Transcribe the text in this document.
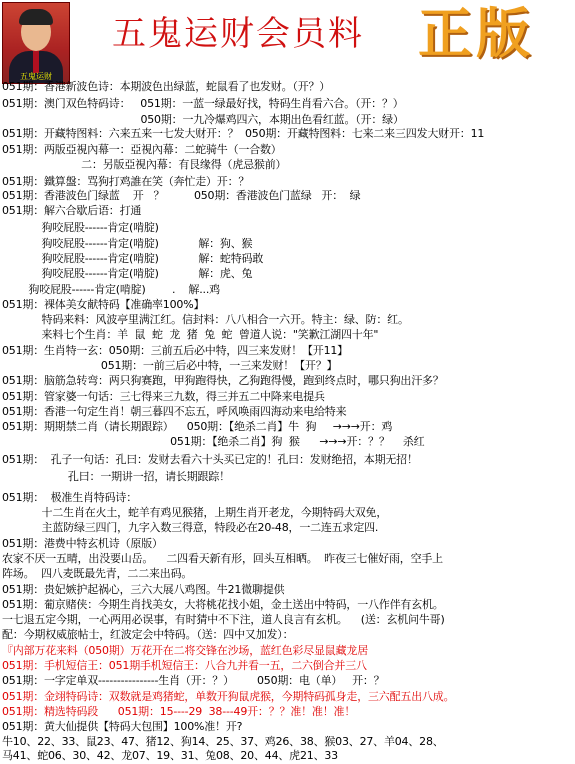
五鬼运财
五鬼运财会员料 正版
051期：香港新波色诗：本期波色出绿蓝，蛇鼠看了也发财。（开？）
051期：澳门双色特码诗：   051期：一蓝一绿最好找，特码生肖看六合。（开：？）
050期：一九冷爆鸡四六，本期出色看红蓝。（开：绿）
051期：开藏特图料：六来五来一七发大财开：？  050期：开藏特图料：七来二来三四发大财开：11
051期：两版亞視內幕一：亞視內幕：二蛇骑牛（一合数）
二：另版亞視內幕：有艮缘得（虎忌猴前）
051期：鐵算盤：骂狗打鸡誰在笑（奔忙走）开：？
051期：香港波色门绿蓝    开   ？         050期：香港波色门蓝绿   开：  绿
051期：解六合歇后语：打通
狗咬屁股------肯定(啃腚)
狗咬屁股------肯定(啃腚)            解：狗、猴
狗咬屁股------肯定(啃腚)            解：蛇特码敢
狗咬屁股------肯定(啃腚)            解：虎、兔
狗咬屁股------肯定(啃腚)        .    解...鸡
051期：裸体美女献特码【准确率100%】
特码来料：风波亭里满江红。信封料：八八相合一六开。特主：绿、防：红。
来料七个生肖：羊  鼠  蛇  龙  猪  兔  蛇  曾道人说："笑歉江湖四十年"
051期：生肖特一玄：050期：三前五后必中特，四三来发财！【开11】
051期：一前三后必中特，一三来发财！【开？】
051期：脑筋急转弯：两只狗赛跑，甲狗跑得快，乙狗跑得慢，跑到终点时，哪只狗出汗多？
051期：管家婆一句话：三七得来三九数，得三并五二中降来电提兵
051期：香港一句定生肖！朝三暮四不忘五，呼风唤雨四海动来电给特来
051期：期期禁二肖（请长期跟踪）    050期：【绝杀二肖】牛  狗     →→→开：鸡
051期：【绝杀二肖】狗  猴      →→→开：？？    杀红
051期：  孔子一句话：孔曰：发财去看六十头买已定的！孔曰：发财绝招，本期无招！
孔曰：一期讲一招，请长期跟踪！
051期：  极准生肖特码诗：
十二生肖在火土，蛇羊有鸡见猴猪，上期生肖开老龙，今期特码大双免，
主蓝防绿三四门，九字入数三得意，特段必在20-48，一二连五求定四.
051期：港费中特玄机诗（原版）
农家不厌一五晴，出没要山岳。    二四看天新有形，回头互相晒。  昨夜三七催好雨，空手上
阵场。  四八麦既最先青，二二来出码。
051期：贵妃嫉护起祸心，三六大展八鸡图。牛21微聊提供
051期：葡京赌侠：今期生肖找美女，大将桃花找小姐，金土送出中特码，一八作伴有玄机。
一七退五定今期，一心两用必误事，有时猜中不下注，道人良言有玄机。    (送：玄机问牛哥)
配：今期权威旅帖士，红波定会中特码。（送：四中又加发）：
『内部万花来料（050期）万花开在二将交锋在沙场，蓝红色彩尽显鼠藏龙居
051期：手机短信王：051期手机短信王：八合九并看一五，二六倒合并三八
051期：一字定单双----------------生肖（开：？）       050期：电（单）   开：？
051期：金翊特码诗：双数就是鸡猪蛇，单数开狗鼠虎猴，今期特码孤身走，三六配五出八成。
051期：精选特码段      051期：15----29  38---49开：？？准！准！准！
051期：黄大仙提供【特码大包围】100%准！开?
牛10、22、33、鼠23、47、猪12、狗14、25、37、鸡26、38、猴03、27、羊04、28、
马41、蛇06、30、42、龙07、19、31、兔08、20、44、虎21、33
